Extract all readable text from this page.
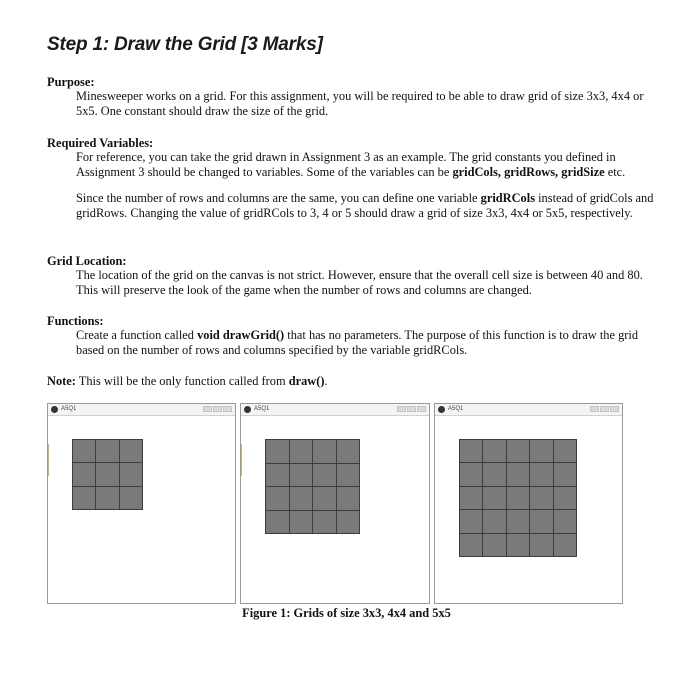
Step 1: Draw the Grid [3 Marks]

Purpose:

Minesweeper works on a grid. For this assignment, you will be required to be able to draw grid of size 3x3, 4x4 or 5x5. One constant should draw the size of the grid.

Required Variables:

For reference, you can take the grid drawn in Assignment 3 as an example. The grid constants you defined in Assignment 3 should be changed to variables. Some of the variables can be gridCols, gridRows, gridSize etc.

Since the number of rows and columns are the same, you can define one variable gridRCols instead of gridCols and gridRows. Changing the value of gridRCols to 3, 4 or 5 should draw a grid of size 3x3, 4x4 or 5x5, respectively.

Grid Location:

The location of the grid on the canvas is not strict. However, ensure that the overall cell size is between 40 and 80. This will preserve the look of the game when the number of rows and columns are changed.

Functions:

Create a function called void drawGrid() that has no parameters. The purpose of this function is to draw the grid based on the number of rows and columns specified by the variable gridRCols.

Note: This will be the only function called from draw().

A5Q1	A5Q1	A5Q1

Figure 1: Grids of size 3x3, 4x4 and 5x5
